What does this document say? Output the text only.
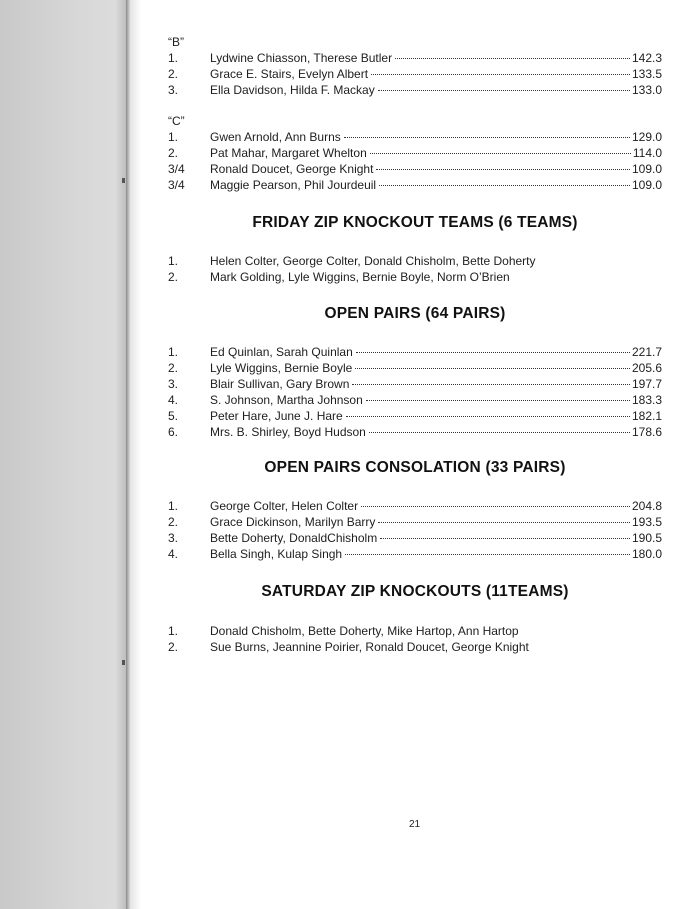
“B”
1.	Lydwine Chiasson, Therese Butler	142.3
2.	Grace E. Stairs, Evelyn Albert	133.5
3.	Ella Davidson, Hilda F. Mackay	133.0
“C”
1.	Gwen Arnold, Ann Burns	129.0
2.	Pat Mahar, Margaret Whelton	114.0
3/4	Ronald Doucet, George Knight	109.0
3/4	Maggie Pearson, Phil Jourdeuil	109.0
FRIDAY ZIP KNOCKOUT TEAMS (6 TEAMS)
1.	Helen Colter, George Colter, Donald Chisholm, Bette Doherty
2.	Mark Golding, Lyle Wiggins, Bernie Boyle, Norm O’Brien
OPEN PAIRS (64 PAIRS)
1.	Ed Quinlan, Sarah Quinlan	221.7
2.	Lyle Wiggins, Bernie Boyle	205.6
3.	Blair Sullivan, Gary Brown	197.7
4.	S. Johnson, Martha Johnson	183.3
5.	Peter Hare, June J. Hare	182.1
6.	Mrs. B. Shirley, Boyd Hudson	178.6
OPEN PAIRS CONSOLATION (33 PAIRS)
1.	George Colter, Helen Colter	204.8
2.	Grace Dickinson, Marilyn Barry	193.5
3.	Bette Doherty, DonaldChisholm	190.5
4.	Bella Singh, Kulap Singh	180.0
SATURDAY ZIP KNOCKOUTS (11TEAMS)
1.	Donald Chisholm, Bette Doherty, Mike Hartop, Ann Hartop
2.	Sue Burns, Jeannine Poirier, Ronald Doucet, George Knight
21
